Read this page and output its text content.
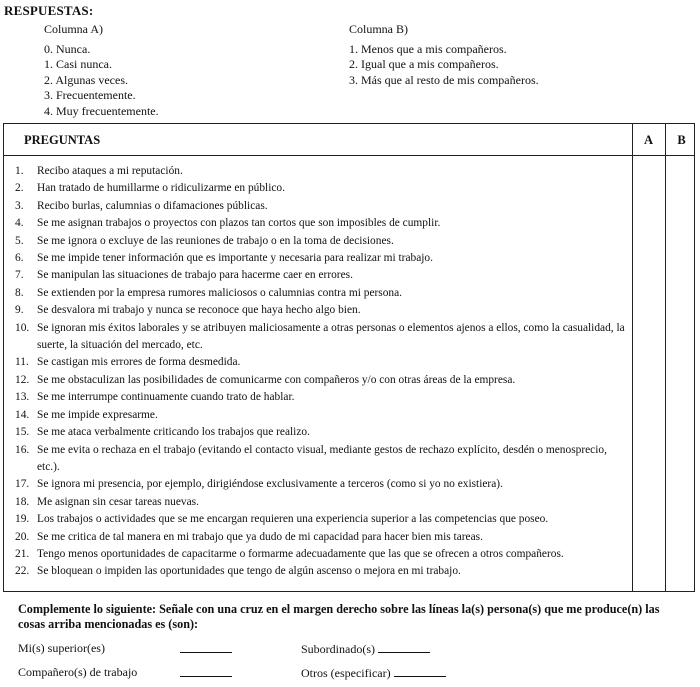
RESPUESTAS:
Columna A)
0. Nunca.
1. Casi nunca.
2. Algunas veces.
3. Frecuentemente.
4. Muy frecuentemente.
Columna B)
1. Menos que a mis compañeros.
2. Igual que a mis compañeros.
3. Más que al resto de mis compañeros.
PREGUNTAS	A	B
1.	Recibo ataques a mi reputación.
2.	Han tratado de humillarme o ridiculizarme en público.
3.	Recibo burlas, calumnias o difamaciones públicas.
4.	Se me asignan trabajos o proyectos con plazos tan cortos que son imposibles de cumplir.
5.	Se me ignora o excluye de las reuniones de trabajo o en la toma de decisiones.
6.	Se me impide tener información que es importante y necesaria para realizar mi trabajo.
7.	Se manipulan las situaciones de trabajo para hacerme caer en errores.
8.	Se extienden por la empresa rumores maliciosos o calumnias contra mi persona.
9.	Se desvalora mi trabajo y nunca se reconoce que haya hecho algo bien.
10. Se ignoran mis éxitos laborales y se atribuyen maliciosamente a otras personas o elementos ajenos a ellos, como la casualidad, la suerte, la situación del mercado, etc.
11. Se castigan mis errores de forma desmedida.
12. Se me obstaculizan las posibilidades de comunicarme con compañeros y/o con otras áreas de la empresa.
13. Se me interrumpe continuamente cuando trato de hablar.
14. Se me impide expresarme.
15. Se me ataca verbalmente criticando los trabajos que realizo.
16. Se me evita o rechaza en el trabajo (evitando el contacto visual, mediante gestos de rechazo explícito, desdén o menosprecio, etc.).
17. Se ignora mi presencia, por ejemplo, dirigiéndose exclusivamente a terceros (como si yo no existiera).
18. Me asignan sin cesar tareas nuevas.
19. Los trabajos o actividades que se me encargan requieren una experiencia superior a las competencias que poseo.
20. Se me critica de tal manera en mi trabajo que ya dudo de mi capacidad para hacer bien mis tareas.
21. Tengo menos oportunidades de capacitarme o formarme adecuadamente que las que se ofrecen a otros compañeros.
22. Se bloquean o impiden las oportunidades que tengo de algún ascenso o mejora en mi trabajo.
Complemente lo siguiente: Señale con una cruz en el margen derecho sobre las líneas la(s) persona(s) que me produce(n) las cosas arriba mencionadas es (son):
Mi(s) superior(es)	Subordinado(s)
Compañero(s) de trabajo	Otros (especificar)
